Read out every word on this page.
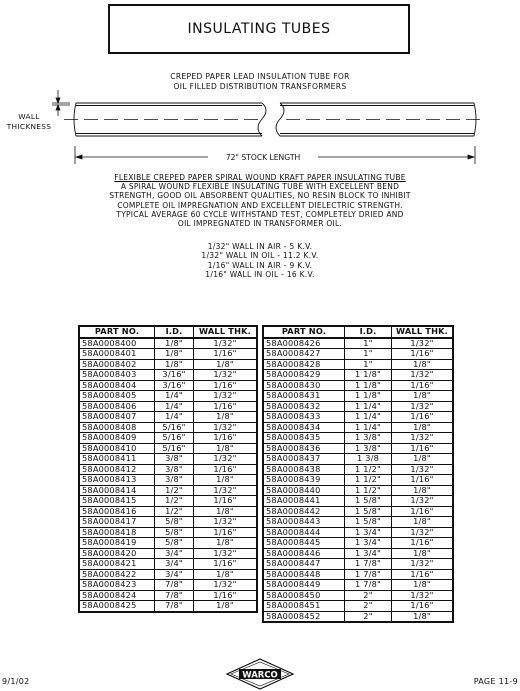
INSULATING TUBES
CREPED PAPER LEAD INSULATION TUBE FOR
OIL FILLED DISTRIBUTION TRANSFORMERS
WALL
THICKNESS
72" STOCK LENGTH
FLEXIBLE CREPED PAPER SPIRAL WOUND KRAFT PAPER INSULATING TUBE
A SPIRAL WOUND FLEXIBLE INSULATING TUBE WITH EXCELLENT BEND
STRENGTH, GOOD OIL ABSORBENT QUALITIES, NO RESIN BLOCK TO INHIBIT
COMPLETE OIL IMPREGNATION AND EXCELLENT DIELECTRIC STRENGTH.
TYPICAL AVERAGE 60 CYCLE WITHSTAND TEST, COMPLETELY DRIED AND
OIL IMPREGNATED IN TRANSFORMER OIL.
1/32" WALL IN AIR - 5 K.V.
1/32" WALL IN OIL - 11.2 K.V.
1/16" WALL IN AIR - 9 K.V.
1/16" WALL IN OIL - 16 K.V.
PART NO.	I.D.	WALL THK.
58A0008400	1/8"	1/32"
58A0008401	1/8"	1/16"
58A0008402	1/8"	1/8"
58A0008403	3/16"	1/32"
58A0008404	3/16"	1/16"
58A0008405	1/4"	1/32"
58A0008406	1/4"	1/16"
58A0008407	1/4"	1/8"
58A0008408	5/16"	1/32"
58A0008409	5/16"	1/16"
58A0008410	5/16"	1/8"
58A0008411	3/8"	1/32"
58A0008412	3/8"	1/16"
58A0008413	3/8"	1/8"
58A0008414	1/2"	1/32"
58A0008415	1/2"	1/16"
58A0008416	1/2"	1/8"
58A0008417	5/8"	1/32"
58A0008418	5/8"	1/16"
58A0008419	5/8"	1/8"
58A0008420	3/4"	1/32"
58A0008421	3/4"	1/16"
58A0008422	3/4"	1/8"
58A0008423	7/8"	1/32"
58A0008424	7/8"	1/16"
58A0008425	7/8"	1/8"
PART NO.	I.D.	WALL THK.
58A0008426	1"	1/32"
58A0008427	1"	1/16"
58A0008428	1"	1/8"
58A0008429	1 1/8"	1/32"
58A0008430	1 1/8"	1/16"
58A0008431	1 1/8"	1/8"
58A0008432	1 1/4"	1/32"
58A0008433	1 1/4"	1/16"
58A0008434	1 1/4"	1/8"
58A0008435	1 3/8"	1/32"
58A0008436	1 3/8"	1/16"
58A0008437	1 3/8	1/8"
58A0008438	1 1/2"	1/32"
58A0008439	1 1/2"	1/16"
58A0008440	1 1/2"	1/8"
58A0008441	1 5/8"	1/32"
58A0008442	1 5/8"	1/16"
58A0008443	1 5/8"	1/8"
58A0008444	1 3/4"	1/32"
58A0008445	1 3/4"	1/16"
58A0008446	1 3/4"	1/8"
58A0008447	1 7/8"	1/32"
58A0008448	1 7/8"	1/16"
58A0008449	1 7/8"	1/8"
58A0008450	2"	1/32"
58A0008451	2"	1/16"
58A0008452	2"	1/8"
9/1/02
WARCO
PAGE 11-9
